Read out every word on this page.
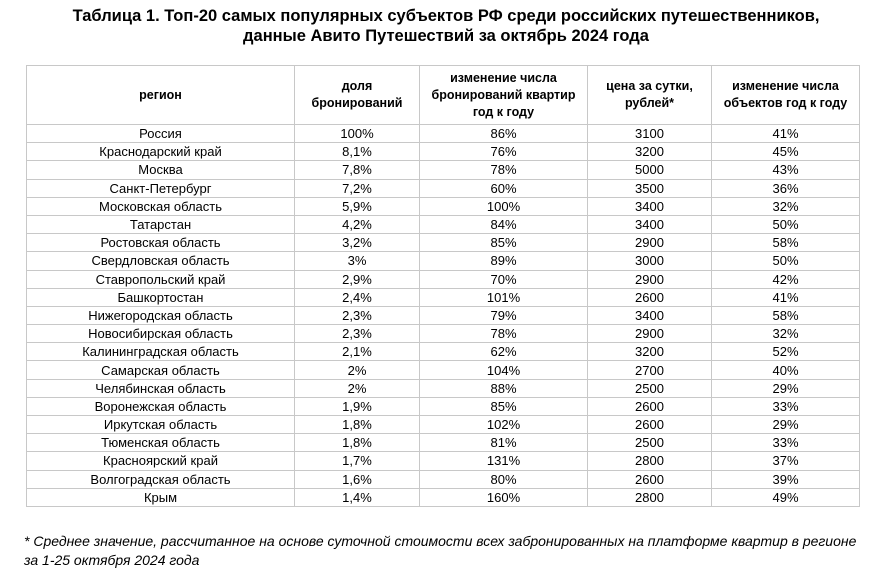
Таблица 1. Топ-20 самых популярных субъектов РФ среди российских путешественников,
данные Авито Путешествий за октябрь 2024 года
регион	доля бронирований	изменение числа бронирований квартир год к году	цена за сутки, рублей*	изменение числа объектов год к году
Россия	100%	86%	3100	41%
Краснодарский край	8,1%	76%	3200	45%
Москва	7,8%	78%	5000	43%
Санкт-Петербург	7,2%	60%	3500	36%
Московская область	5,9%	100%	3400	32%
Татарстан	4,2%	84%	3400	50%
Ростовская область	3,2%	85%	2900	58%
Свердловская область	3%	89%	3000	50%
Ставропольский край	2,9%	70%	2900	42%
Башкортостан	2,4%	101%	2600	41%
Нижегородская область	2,3%	79%	3400	58%
Новосибирская область	2,3%	78%	2900	32%
Калининградская область	2,1%	62%	3200	52%
Самарская область	2%	104%	2700	40%
Челябинская область	2%	88%	2500	29%
Воронежская область	1,9%	85%	2600	33%
Иркутская область	1,8%	102%	2600	29%
Тюменская область	1,8%	81%	2500	33%
Красноярский край	1,7%	131%	2800	37%
Волгоградская область	1,6%	80%	2600	39%
Крым	1,4%	160%	2800	49%
* Среднее значение, рассчитанное на основе суточной стоимости всех забронированных на платформе квартир в регионе за 1-25 октября 2024 года
